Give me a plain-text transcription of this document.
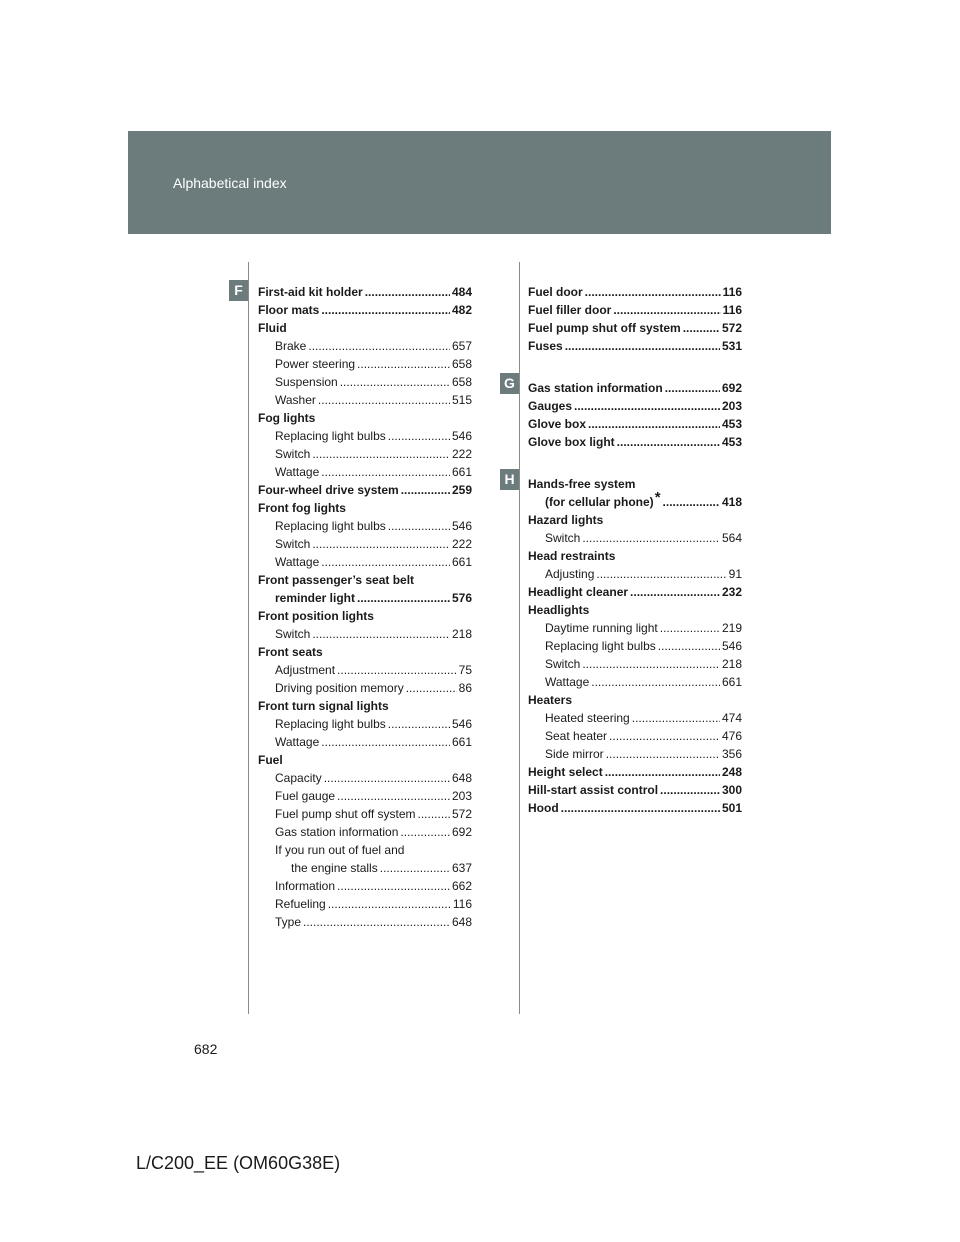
Alphabetical index
F
G
H
First-aid kit holder .....	484
Floor mats .....	482
Fluid
Brake .....	657
Power steering .....	658
Suspension .....	658
Washer .....	515
Fog lights
Replacing light bulbs .....	546
Switch .....	222
Wattage .....	661
Four-wheel drive system .....	259
Front fog lights
Replacing light bulbs .....	546
Switch .....	222
Wattage .....	661
Front passenger’s seat belt
reminder light .....	576
Front position lights
Switch .....	218
Front seats
Adjustment .....	75
Driving position memory .....	86
Front turn signal lights
Replacing light bulbs .....	546
Wattage .....	661
Fuel
Capacity .....	648
Fuel gauge .....	203
Fuel pump shut off system .....	572
Gas station information .....	692
If you run out of fuel and
the engine stalls .....	637
Information .....	662
Refueling .....	116
Type .....	648
Fuel door .....	116
Fuel filler door .....	116
Fuel pump shut off system .....	572
Fuses .....	531
Gas station information .....	692
Gauges .....	203
Glove box .....	453
Glove box light .....	453
Hands-free system
(for cellular phone) * .....	418
Hazard lights
Switch .....	564
Head restraints
Adjusting .....	91
Headlight cleaner .....	232
Headlights
Daytime running light .....	219
Replacing light bulbs .....	546
Switch .....	218
Wattage .....	661
Heaters
Heated steering .....	474
Seat heater .....	476
Side mirror .....	356
Height select .....	248
Hill-start assist control .....	300
Hood .....	501
682
L/C200_EE (OM60G38E)
